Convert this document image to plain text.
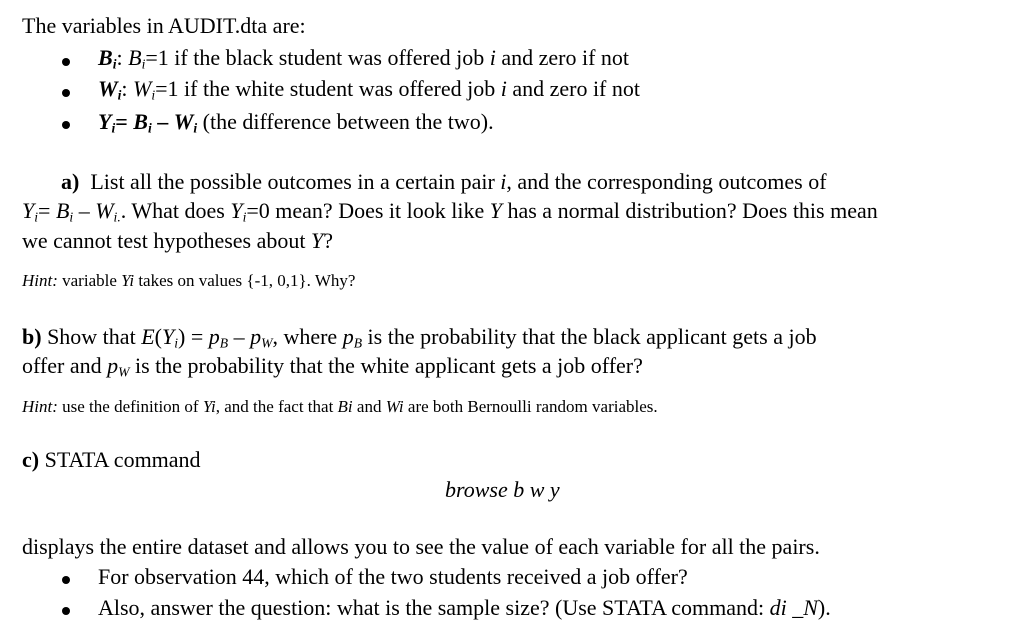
The variables in AUDIT.dta are:
$B_i$: $B_i=1$ if the black student was offered job i and zero if not
$W_i$: $W_i=1$ if the white student was offered job i and zero if not
$Y_i= B_i - W_i$ (the difference between the two).
a) List all the possible outcomes in a certain pair i, and the corresponding outcomes of
$Y_i= B_i - W_{i.}$. What does $Y_i=0$ mean? Does it look like Y has a normal distribution? Does this mean
we cannot test hypotheses about Y?
Hint: variable Yi takes on values {-1, 0,1}. Why?
b) Show that $E(Y_i) = p_B - p_W$, where $p_B$ is the probability that the black applicant gets a job
offer and $p_W$ is the probability that the white applicant gets a job offer?
Hint: use the definition of Yi, and the fact that Bi and Wi are both Bernoulli random variables.
c) STATA command
browse b w y
displays the entire dataset and allows you to see the value of each variable for all the pairs.
For observation 44, which of the two students received a job offer?
Also, answer the question: what is the sample size? (Use STATA command: di _N).
